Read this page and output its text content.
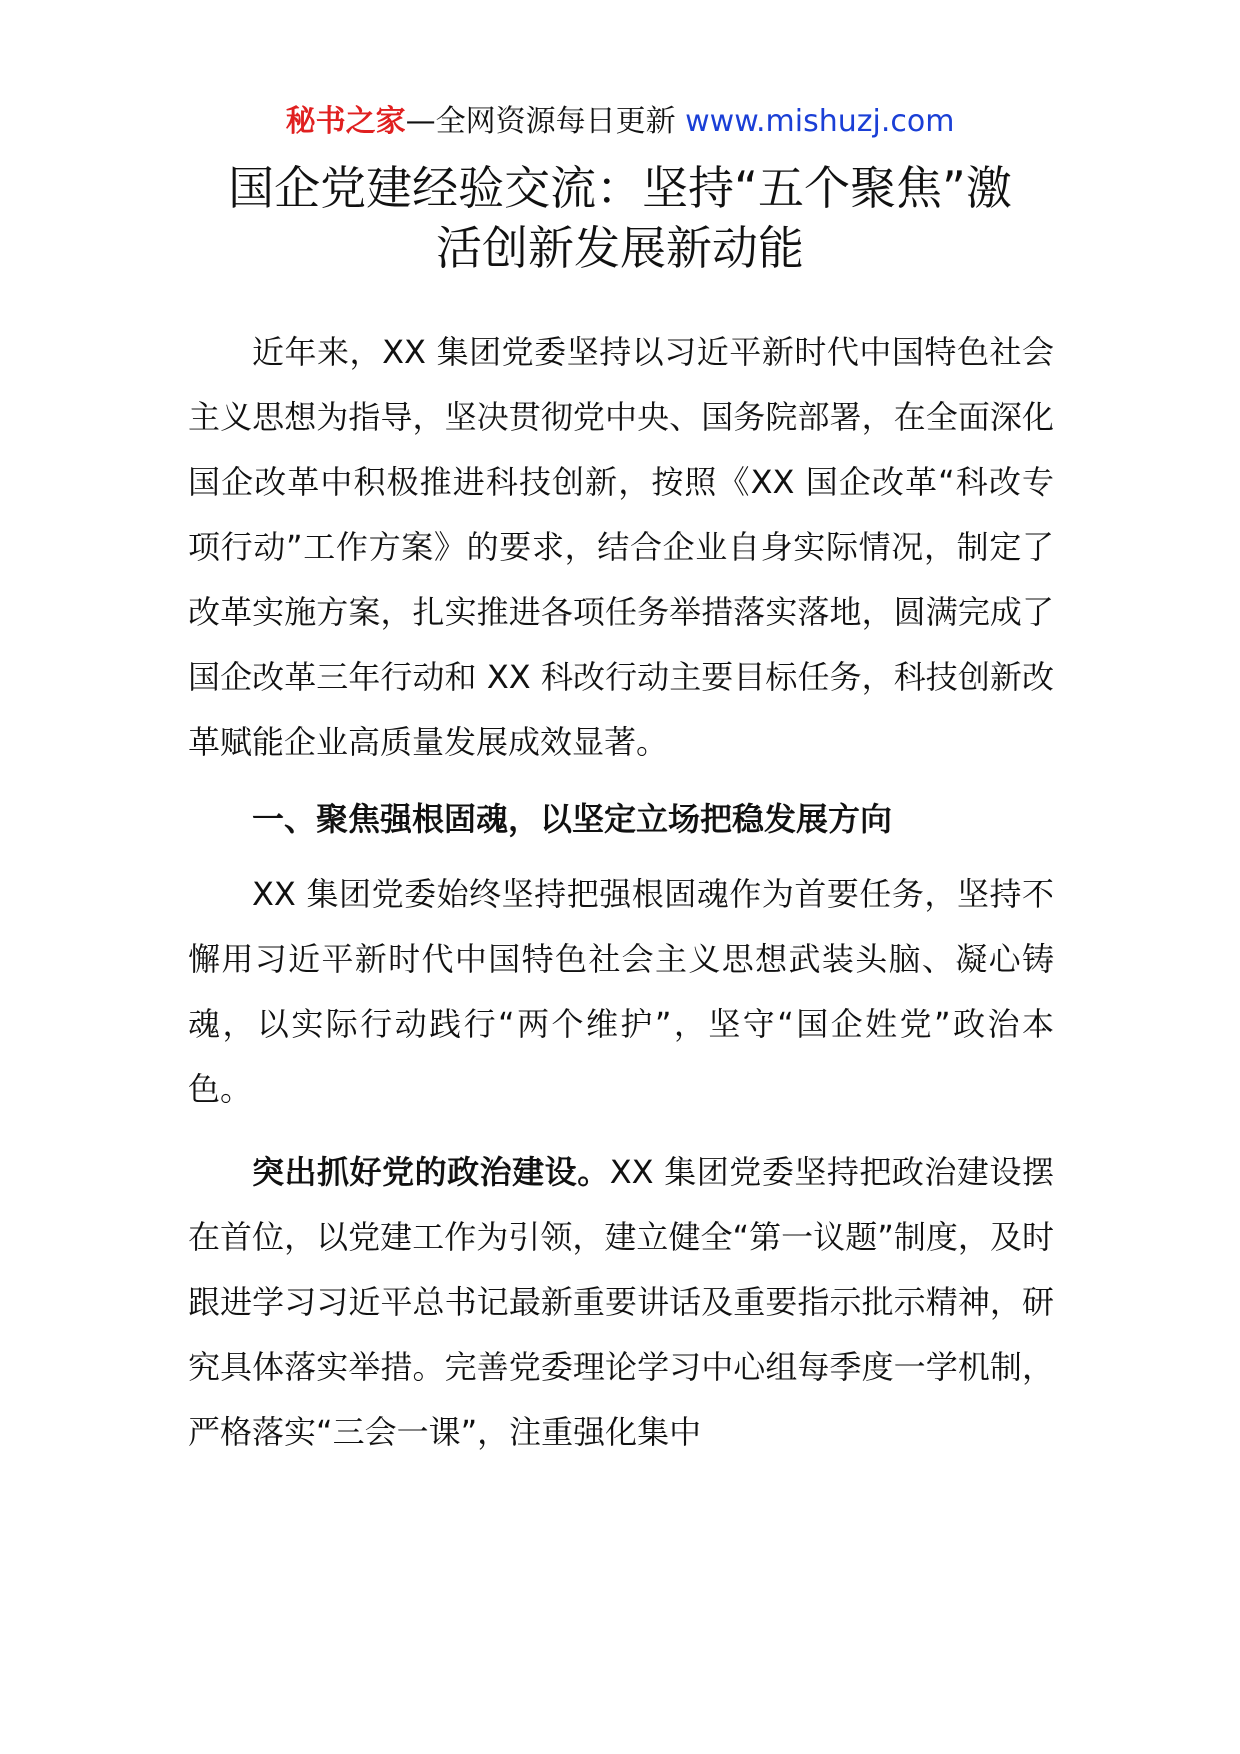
秘书之家—全网资源每日更新 www.mishuzj.com
国企党建经验交流：坚持“五个聚焦”激
活创新发展新动能

近年来，XX 集团党委坚持以习近平新时代中国特色社会主义思想为指导，坚决贯彻党中央、国务院部署，在全面深化国企改革中积极推进科技创新，按照《XX 国企改革“科改专项行动”工作方案》的要求，结合企业自身实际情况，制定了改革实施方案，扎实推进各项任务举措落实落地，圆满完成了国企改革三年行动和 XX 科改行动主要目标任务，科技创新改革赋能企业高质量发展成效显著。

一、聚焦强根固魂，以坚定立场把稳发展方向

XX 集团党委始终坚持把强根固魂作为首要任务，坚持不懈用习近平新时代中国特色社会主义思想武装头脑、凝心铸魂，以实际行动践行“两个维护”，坚守“国企姓党”政治本色。

突出抓好党的政治建设。XX 集团党委坚持把政治建设摆在首位，以党建工作为引领，建立健全“第一议题”制度，及时跟进学习习近平总书记最新重要讲话及重要指示批示精神，研究具体落实举措。完善党委理论学习中心组每季度一学机制，严格落实“三会一课”，注重强化集中
